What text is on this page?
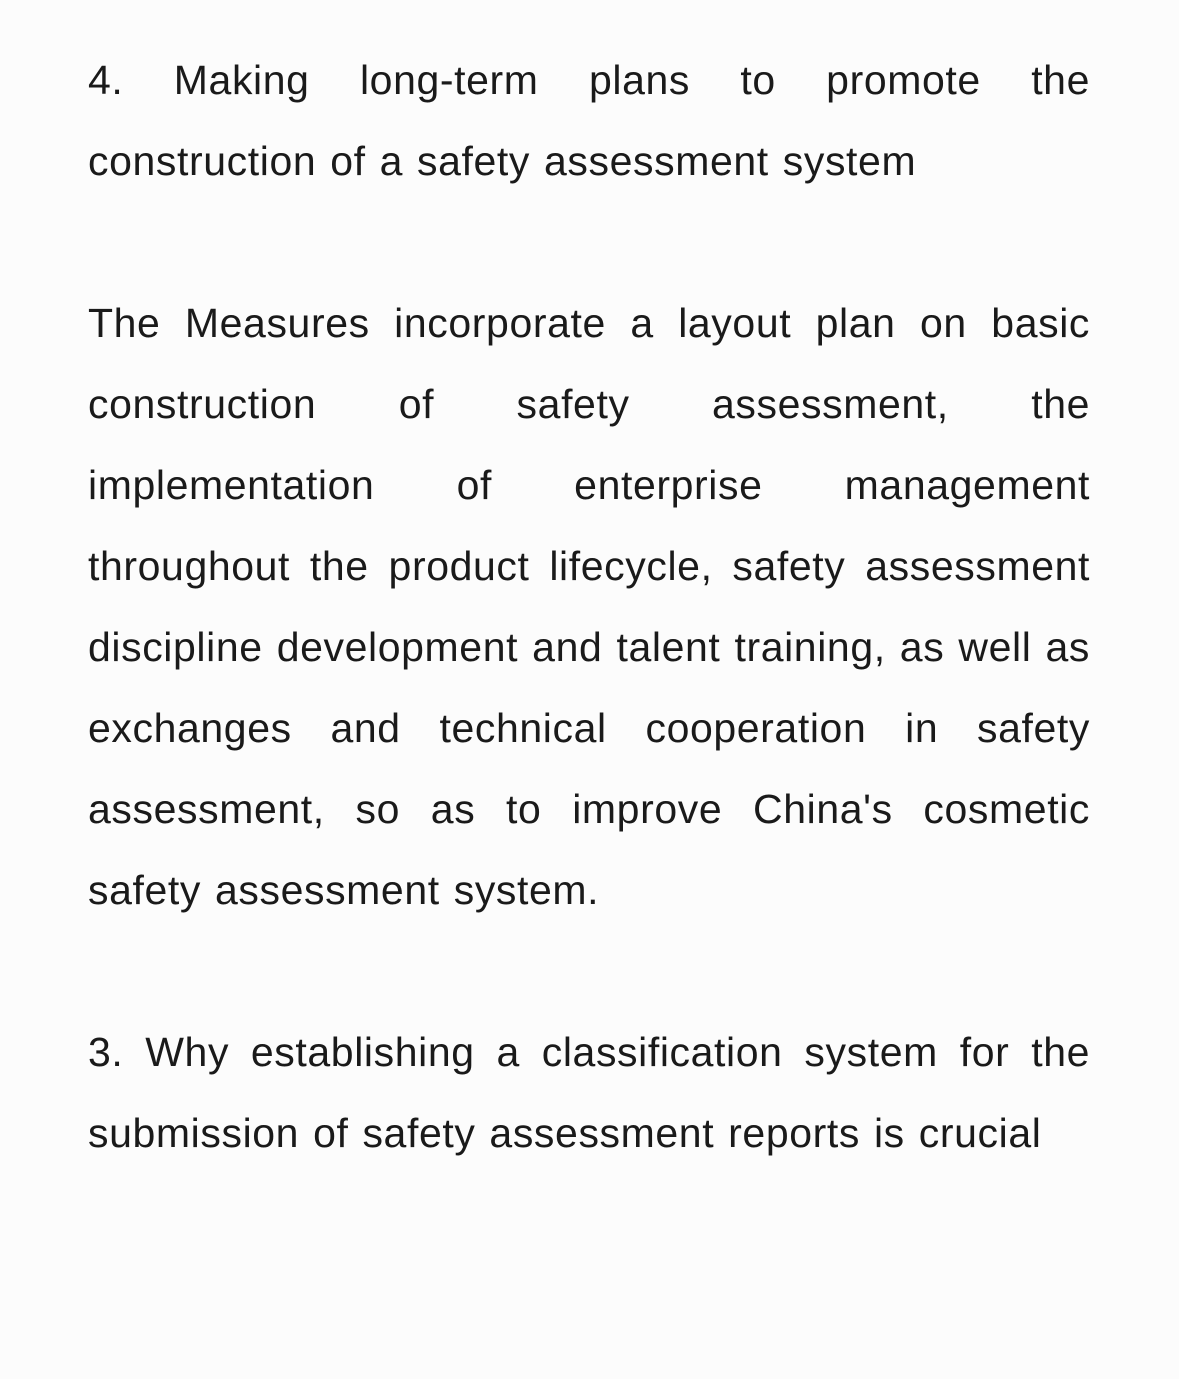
4. Making long-term plans to promote the construction of a safety assessment system

The Measures incorporate a layout plan on basic construction of safety assessment, the implementation of enterprise management throughout the product lifecycle, safety assessment discipline development and talent training, as well as exchanges and technical cooperation in safety assessment, so as to improve China's cosmetic safety assessment system.

3. Why establishing a classification system for the submission of safety assessment reports is crucial
